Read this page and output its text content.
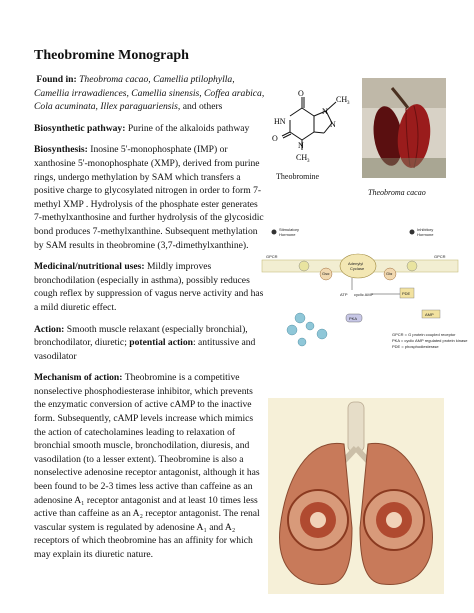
Theobromine Monograph

Found in: Theobroma cacao, Camellia ptilophylla, Camellia irrawadiences, Camellia sinensis, Coffea arabica, Cola acuminata, Illex paraguariensis, and others

Biosynthetic pathway: Purine of the alkaloids pathway

Biosynthesis: Inosine 5'-monophosphate (IMP) or xanthosine 5'-monophosphate (XMP), derived from purine rings, undergo methylation by SAM which transfers a positive charge to glycosylated nitrogen in order to form 7-methyl XMP . Hydrolysis of the phosphate ester generates 7-methylxanthosine and further hydrolysis of the glycosidic bond produces 7-methylxanthine. Subsequent methylation by SAM results in theobromine (3,7-dimethylxanthine).

Medicinal/nutritional uses: Mildly improves bronchodilation (especially in asthma), possibly reduces cough reflex by suppression of vagus nerve activity and has a mild diuretic effect.

Action: Smooth muscle relaxant (especially bronchial), bronchodilator, diuretic; potential action: antitussive and vasodilator

Mechanism of action: Theobromine is a competitive nonselective phosphodiesterase inhibitor, which prevents the enzymatic conversion of active cAMP to the inactive form. Subsequently, cAMP levels increase which mimics the action of catecholamines leading to relaxation of bronchial smooth muscle, bronchodilation, diuresis, and vasodilation (to a lesser extent). Theobromine is also a nonselective adenosine receptor antagonist, although it has been found to be 2-3 times less active than caffeine as an adenosine A₁ receptor antagonist and at least 10 times less active than caffeine as an A₂ receptor antagonist. The renal vascular system is regulated by adenosine A₁ and A₂ receptors of which theobromine has an affinity for which may explain its diuretic nature.

O
O
HN
N
N
CH 3
N
CH 3
Theobromine
Theobroma cacao
Stimulatory
Hormone
Inhibitory
Hormone
GPCR	GPCR
Adenylyl
Cyclase
Gsα	Giα
ATP cyclic AMP	PDE
AMP
PKA
GPCR = G protein coupled receptor
PKA = cyclic AMP regulated protein kinase
PDE = phosphodiesterase
